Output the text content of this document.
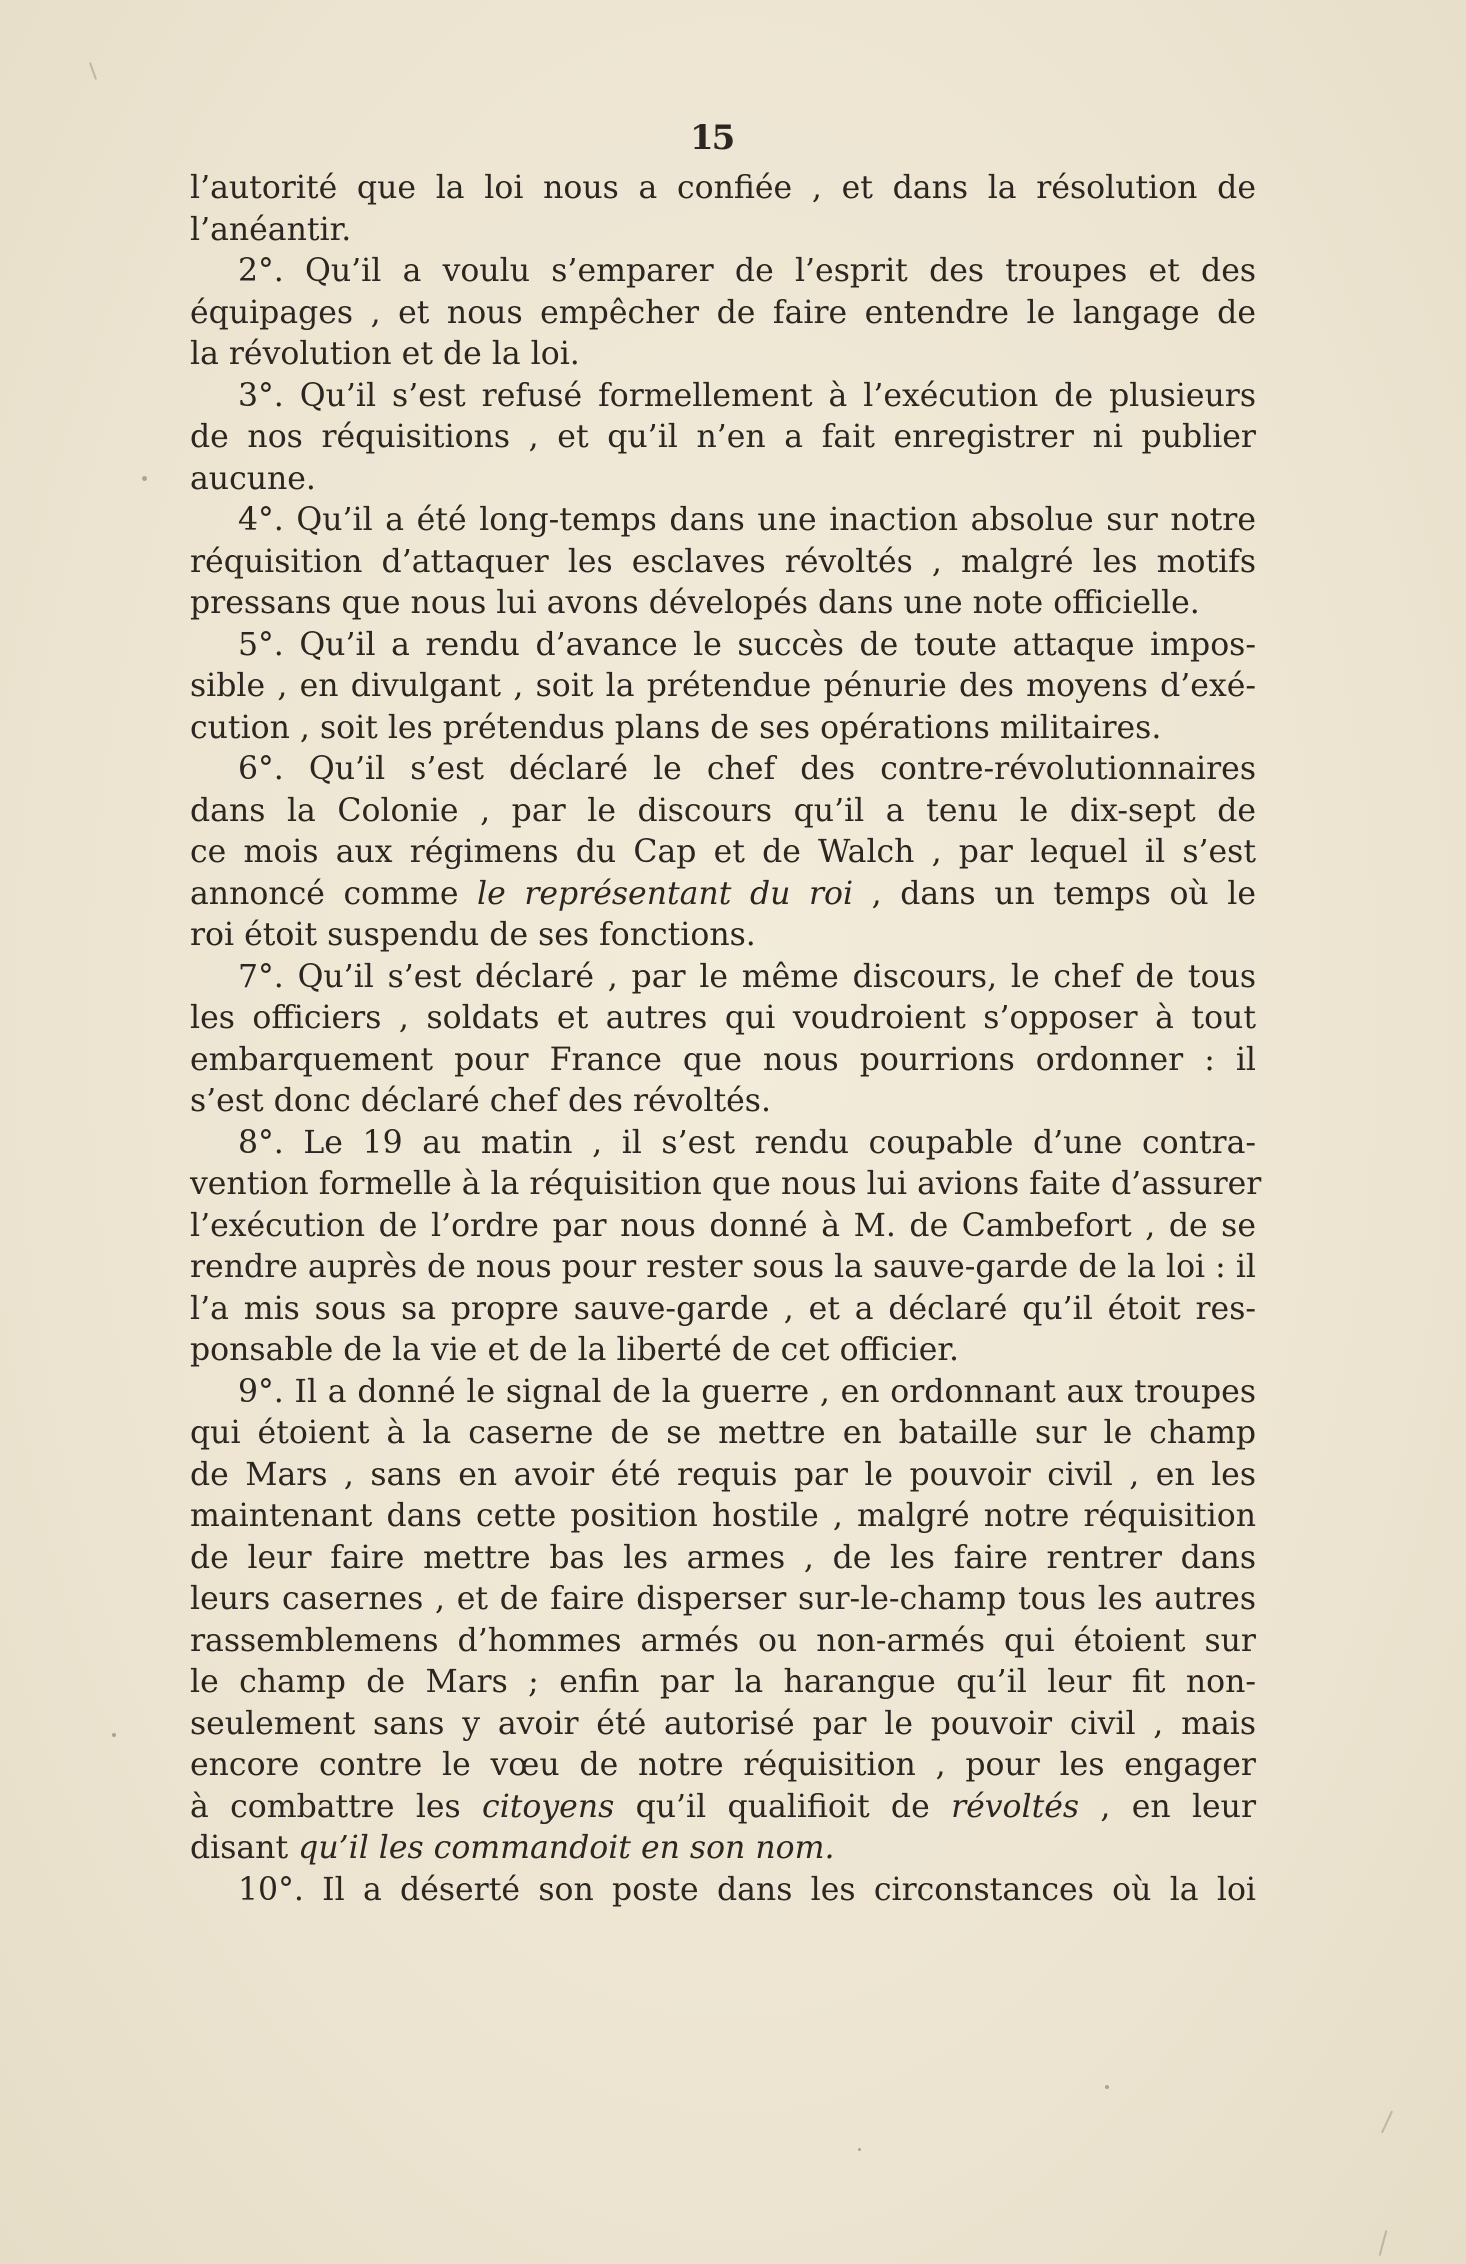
15
l’autorité que la loi nous a confiée , et dans la résolution de
l’anéantir.
2°. Qu’il a voulu s’emparer de l’esprit des troupes et des
équipages , et nous empêcher de faire entendre le langage de
la révolution et de la loi.
3°. Qu’il s’est refusé formellement à l’exécution de plusieurs
de nos réquisitions , et qu’il n’en a fait enregistrer ni publier
aucune.
4°. Qu’il a été long-temps dans une inaction absolue sur notre
réquisition d’attaquer les esclaves révoltés , malgré les motifs
pressans que nous lui avons dévelopés dans une note officielle.
5°. Qu’il a rendu d’avance le succès de toute attaque impos-
sible , en divulgant , soit la prétendue pénurie des moyens d’exé-
cution , soit les prétendus plans de ses opérations militaires.
6°. Qu’il s’est déclaré le chef des contre-révolutionnaires
dans la Colonie , par le discours qu’il a tenu le dix-sept de
ce mois aux régimens du Cap et de Walch , par lequel il s’est
annoncé comme le représentant du roi , dans un temps où le
roi étoit suspendu de ses fonctions.
7°. Qu’il s’est déclaré , par le même discours, le chef de tous
les officiers , soldats et autres qui voudroient s’opposer à tout
embarquement pour France que nous pourrions ordonner : il
s’est donc déclaré chef des révoltés.
8°. Le 19 au matin , il s’est rendu coupable d’une contra-
vention formelle à la réquisition que nous lui avions faite d’assurer
l’exécution de l’ordre par nous donné à M. de Cambefort , de se
rendre auprès de nous pour rester sous la sauve-garde de la loi : il
l’a mis sous sa propre sauve-garde , et a déclaré qu’il étoit res-
ponsable de la vie et de la liberté de cet officier.
9°. Il a donné le signal de la guerre , en ordonnant aux troupes
qui étoient à la caserne de se mettre en bataille sur le champ
de Mars , sans en avoir été requis par le pouvoir civil , en les
maintenant dans cette position hostile , malgré notre réquisition
de leur faire mettre bas les armes , de les faire rentrer dans
leurs casernes , et de faire disperser sur-le-champ tous les autres
rassemblemens d’hommes armés ou non-armés qui étoient sur
le champ de Mars ; enfin par la harangue qu’il leur fit non-
seulement sans y avoir été autorisé par le pouvoir civil , mais
encore contre le vœu de notre réquisition , pour les engager
à combattre les citoyens qu’il qualifioit de révoltés , en leur
disant qu’il les commandoit en son nom.
10°. Il a déserté son poste dans les circonstances où la loi
